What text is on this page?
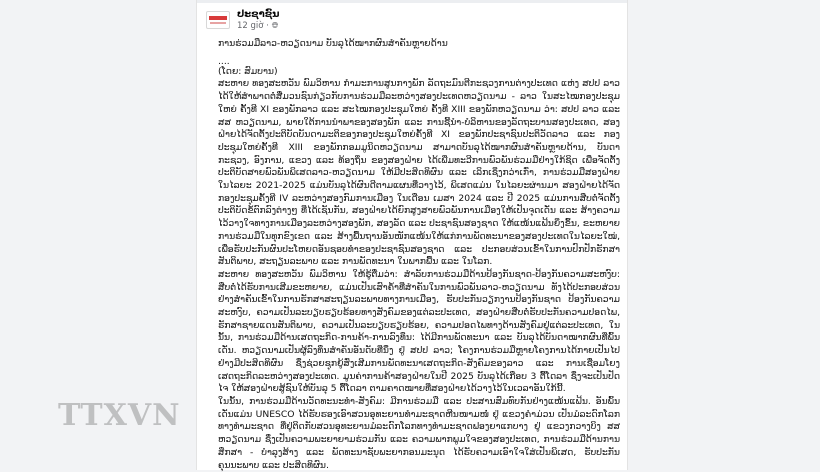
ປະຊາຊົນ
12 giờ · 🌐︎

ການຮ່ວມມືລາວ-ຫວຽດນາມ ບັນລຸໄດ້ໝາກຜົນສຳຄັນຫຼາຍດ້ານ

....

(ໂດຍ: ສົມບານ)

ສະຫາຍ ທອງສະຫວັນ ພົມວິຫານ ກຳມະການສູນກາງພັກ ລັດຖະມົນຕີກະຊວງການຕ່າງປະເທດ ແຫ່ງ ສປປ ລາວ ໄດ້ໃຫ້ສຳພາດຕໍ່ສື່ມວນຊົນກ່ຽວກັບການຮ່ວມມືລະຫວ່າງສອງປະເທດຫວຽດນາມ - ລາວ ໃນສະໄໝກອງປະຊຸມໃຫຍ່ ຄັ້ງທີ XI ຂອງພັກລາວ ແລະ ສະໄໝກອງປະຊຸມໃຫຍ່ ຄັ້ງທີ XIII ຂອງພັກຫວຽດນາມ ວ່າ: ສປປ ລາວ ແລະ ສສ ຫວຽດນາມ, ພາຍໃຕ້ການນຳພາຂອງສອງພັກ ແລະ ການຊີ້ນຳ-ບໍລິຫານຂອງລັດຖະບານສອງປະເທດ, ສອງຝ່າຍໄດ້ຈັດຕັ້ງປະຕິບັດບັນດາມະຕິຂອງກອງປະຊຸມໃຫຍ່ຄັ້ງທີ XI ຂອງພັກປະຊາຊົນປະຕິວັດລາວ ແລະ ກອງປະຊຸມໃຫຍ່ຄັ້ງທີ XIII ຂອງພັກກອມມູນິດຫວຽດນາມ ສາມາດບັນລຸໄດ້ໝາກຜົນສຳຄັນຫຼາຍດ້ານ, ບັນດາກະຊວງ, ອົງການ, ແຂວງ ແລະ ທ້ອງຖິ່ນ ຂອງສອງຝ່າຍ ໄດ້ເພີ່ມທະວີການພົວພັນຮ່ວມມືຢ່າງໃກ້ຊິດ ເພື່ອຈັດຕັ້ງປະຕິບັດສາຍພົວພັນພິເສດລາວ-ຫວຽດນາມ ໃຫ້ມີປະສິດທິຜົນ ແລະ ເລິກເຊິ່ງກວ່າເກົ່າ, ການຮ່ວມມືສອງຝ່າຍ ໃນໄລຍະ 2021-2025 ແມ່ນບັນລຸໄດ້ຜົນດີຕາມແຜນທີ່ວາງໄວ້, ພິເສດແມ່ນ ໃນໄລຍະຜ່ານມາ ສອງຝ່າຍໄດ້ຈັດກອງປະຊຸມຄັ້ງທີ IV ລະຫວ່າງສອງກົມການເມືອງ ໃນເດືອນ ເມສາ 2024 ແລະ ປີ 2025 ແມ່ນການສືບຕໍ່ຈັດຕັ້ງປະຕິບັດຂໍ້ຕົກລົງຕ່າງໆ ທີ່ໄດ້ເຊັນກັນ, ສອງຝ່າຍໄດ້ຍົກສູງສາຍພົວພັນການເມືອງໃຫ້ເປັນຈຸດເດັ່ນ ແລະ ສ້າງຄວາມໄວ້ວາງໃຈທາງການເມືອງລະຫວ່າງສອງພັກ, ສອງລັດ ແລະ ປະຊາຊົນສອງຊາດ ໃຫ້ແໜ້ນແຟ້ນຍິ່ງຂຶ້ນ, ຂະຫຍາຍການຮ່ວມມືໃນທຸກຂົງເຂດ ແລະ ສ້າງພື້ນຖານອັນໜັກແໜ້ນໃຫ້ແກ່ການພັດທະນາຂອງສອງປະເທດໃນໄລຍະໃໝ່, ເພື່ອຮັບປະກັນຜົນປະໂຫຍດອັນຊອບທຳຂອງປະຊາຊົນສອງຊາດ ແລະ ປະກອບສ່ວນເຂົ້າໃນການປົກປັກຮັກສາສັນຕິພາບ, ສະຖຽນລະພາບ ແລະ ການພັດທະນາ ໃນພາກພື້ນ ແລະ ໃນໂລກ.

ສະຫາຍ ທອງສະຫວັນ ພົມວິຫານ ໃຫ້ຮູ້ຕື່ມວ່າ: ສຳລັບການຮ່ວມມືດ້ານປ້ອງກັນຊາດ-ປ້ອງກັນຄວາມສະຫງົບ: ສືບຕໍ່ໄດ້ຮັບການເສີມຂະຫຍາຍ, ແມ່ນເປັນເສົາຄ້ຳທີ່ສຳຄັນໃນການພົວພັນລາວ-ຫວຽດນາມ ທັງໄດ້ປະກອບສ່ວນຢ່າງສຳຄັນເຂົ້າໃນການຮັກສາສະຖຽນລະພາບທາງການເມືອງ, ຮັບປະກັນວຽກງານປ້ອງກັນຊາດ ປ້ອງກັນຄວາມສະຫງົບ, ຄວາມເປັນລະບຽບຮຽບຮ້ອຍທາງສັງຄົມຂອງແຕ່ລະປະເທດ, ສອງຝ່າຍສືບຕໍ່ຮັບປະກັນຄວາມປອດໄພ, ຮັກສາຊາຍແດນສັນຕິພາບ, ຄວາມເປັນລະບຽບຮຽບຮ້ອຍ, ຄວາມປອດໄພທາງດ້ານສັງຄົມຢູ່ແຕ່ລະປະເທດ, ໃນນັ້ນ, ການຮ່ວມມືດ້ານເສດຖະກິດ-ການຄ້າ-ການລົງທຶນ: ໄດ້ມີການພັດທະນາ ແລະ ບັນລຸໄດ້ບັນດາໝາກຜົນທີ່ພົ້ນເດັ່ນ. ຫວຽດນາມເປັນຜູ້ລົງທຶນສຳຄັນອັນດັບທີ່ນຶ່ງ ຢູ່ ສປປ ລາວ; ໂຄງການຮ່ວມມືຫຼາຍໂຄງການໄດ້ກາຍເປັນໄປຢ່າງມີປະສິດທິຜົນ ຊຶ່ງຊ່ວຍຊຸກຍູ້ສົ່ງເສີມການພັດທະນາເສດຖະກິດ-ສັງຄົມຂອງລາວ ແລະ ການເຊື່ອມໂຍງເສດຖະກິດລະຫວ່າງສອງປະເທດ. ມູນຄ່າການຄ້າສອງຝ່າຍໃນປີ 2025 ບັນລຸໄດ້ເກືອບ 3 ຕື້ໂດລາ ຊຶ່ງຈະເປັນປັດໄຈ ໃຫ້ສອງຝ່າຍສູ້ຊົນໃຫ້ບັນລຸ 5 ຕື້ໂດລາ ຕາມຄາດໝາຍທີ່ສອງຝ່າຍໄດ້ວາງໄວ້ໃນເວລາອັນໃກ້ນີ້.

ໃນນັ້ນ, ການຮ່ວມມືດ້ານວັດທະນະທຳ-ສັງຄົມ: ມີການຮ່ວມມື ແລະ ປະສານສົມທົບກັນຢ່າງແໜ້ນແຟ້ນ. ອັນພົ້ນເດັ່ນແມ່ນ UNESCO ໄດ້ຮັບຮອງເອົາສວນອຸທະຍານທຳມະຊາດຫີນໜາມໜໍ່ ຢູ່ ແຂວງຄຳມ່ວນ ເປັນມໍລະດົກໂລກທາງທຳມະຊາດ ທີ່ຢູ່ຕິດກັບສວນອຸທະຍານມໍລະດົກໂລກທາງທຳມະຊາດຟອງຍາແກບາງ ຢູ່ ແຂວງກວາງບິງ ສສ ຫວຽດນາມ ຊຶ່ງເປັນຄວາມພະຍາຍາມຮ່ວມກັນ ແລະ ຄວາມພາກພູມໃຈຂອງສອງປະເທດ, ການຮ່ວມມືດ້ານການສຶກສາ - ບຳລຸງສ້າງ ແລະ ພັດທະນາຊັບພະຍາກອນມະນຸດ ໄດ້ຮັບຄວາມເອົາໃຈໃສ່ເປັນພິເສດ, ຮັບປະກັນຄຸນນະພາບ ແລະ ປະສິດທິຜົນ.

TTXVN
